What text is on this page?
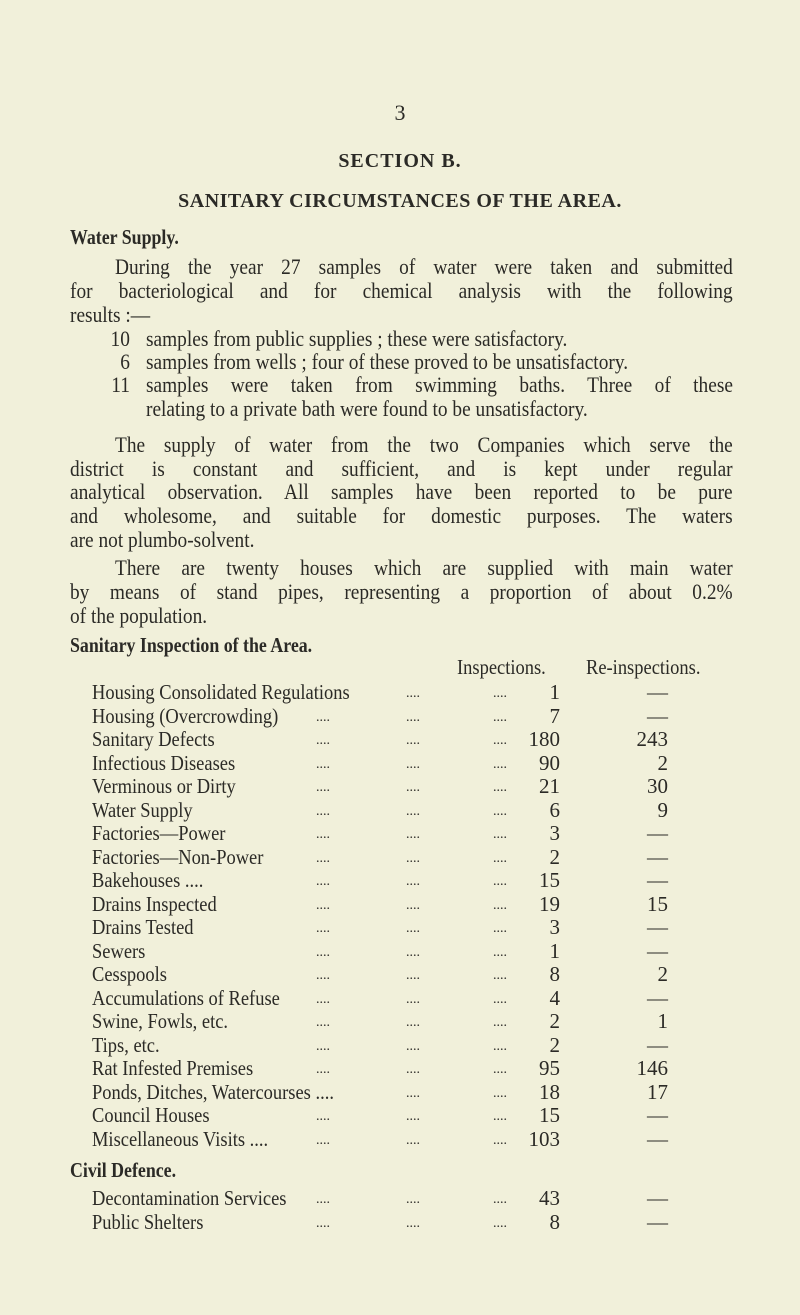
3
SECTION B.
SANITARY CIRCUMSTANCES OF THE AREA.
Water Supply.
During the year 27 samples of water were taken and submitted
for bacteriological and for chemical analysis with the following
results :—
10 samples from public supplies ; these were satisfactory.
6 samples from wells ; four of these proved to be unsatisfactory.
11 samples were taken from swimming baths. Three of these
relating to a private bath were found to be unsatisfactory.
The supply of water from the two Companies which serve the
district is constant and sufficient, and is kept under regular
analytical observation. All samples have been reported to be pure
and wholesome, and suitable for domestic purposes. The waters
are not plumbo-solvent.
There are twenty houses which are supplied with main water
by means of stand pipes, representing a proportion of about 0.2%
of the population.
Sanitary Inspection of the Area.
Inspections. Re-inspections.
Housing Consolidated Regulations	....	....	1	—
Housing (Overcrowding)	....	....	....	7	—
Sanitary Defects	....	....	....	180	243
Infectious Diseases	....	....	....	90	2
Verminous or Dirty	....	....	....	21	30
Water Supply	....	....	....	6	9
Factories—Power	....	....	....	3	—
Factories—Non-Power	....	....	....	2	—
Bakehouses ....	....	....	....	15	—
Drains Inspected	....	....	....	19	15
Drains Tested	....	....	....	3	—
Sewers	....	....	....	1	—
Cesspools	....	....	....	8	2
Accumulations of Refuse	....	....	....	4	—
Swine, Fowls, etc.	....	....	....	2	1
Tips, etc.	....	....	....	2	—
Rat Infested Premises	....	....	....	95	146
Ponds, Ditches, Watercourses ....	....	....	18	17
Council Houses	....	....	....	15	—
Miscellaneous Visits ....	....	....	....	103	—
Civil Defence.
Decontamination Services ....	....	....	43	—
Public Shelters	....	....	....	8	—
